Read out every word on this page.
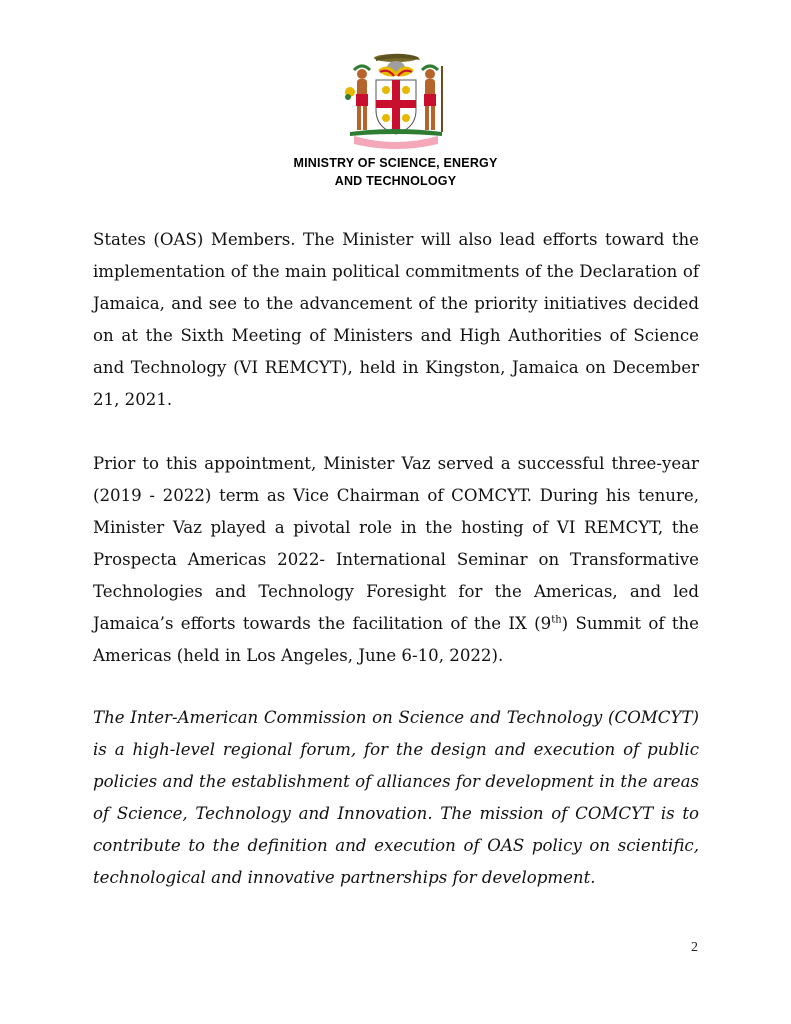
MINISTRY OF SCIENCE, ENERGY
AND TECHNOLOGY

States (OAS) Members. The Minister will also lead efforts toward the implementation of the main political commitments of the Declaration of Jamaica, and see to the advancement of the priority initiatives decided on at the Sixth Meeting of Ministers and High Authorities of Science and Technology (VI REMCYT), held in Kingston, Jamaica on December 21, 2021.

Prior to this appointment, Minister Vaz served a successful three-year (2019 - 2022) term as Vice Chairman of COMCYT. During his tenure, Minister Vaz played a pivotal role in the hosting of VI REMCYT, the Prospecta Americas 2022- International Seminar on Transformative Technologies and Technology Foresight for the Americas, and led Jamaica’s efforts towards the facilitation of the IX (9th) Summit of the Americas (held in Los Angeles, June 6-10, 2022).

The Inter-American Commission on Science and Technology (COMCYT) is a high-level regional forum, for the design and execution of public policies and the establishment of alliances for development in the areas of Science, Technology and Innovation. The mission of COMCYT is to contribute to the definition and execution of OAS policy on scientific, technological and innovative partnerships for development.

2
